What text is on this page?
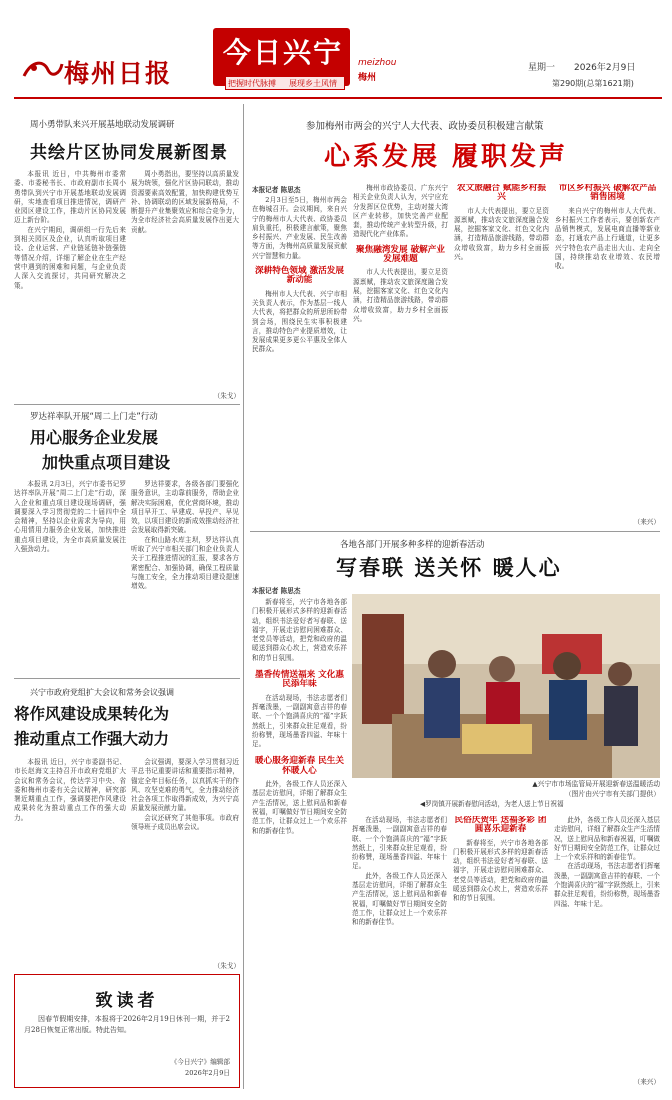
梅州日报
今日兴宁
把握时代脉搏 展现乡土风情
meizhou
梅州
星期一 2026年2月9日
第290期(总第1621期)
周小勇带队来兴开展基地联动发展调研
共绘片区协同发展新图景

本报讯 近日，中共梅州市委常委、市委秘书长、市政府副市长周小勇带队到兴宁市开展基地联动发展调研，实地查看项目推进情况，调研产业园区建设工作，推动片区协同发展迈上新台阶。

在兴宁期间，调研组一行先后来到相关园区及企业，认真听取项目建设、企业运营、产业链延链补链强链等情况介绍，详细了解企业在生产经营中遇到的困难和问题，与企业负责人深入交流探讨，共同研究解决之策。

周小勇指出，要坚持以高质量发展为统领，强化片区协同联动，推动资源要素高效配置，加快构建优势互补、协调联动的区域发展新格局，不断提升产业集聚效应和综合竞争力，为全市经济社会高质量发展作出更大贡献。

（朱戈）
罗达祥率队开展“周二上门走”行动
用心服务企业发展
加快重点项目建设

本报讯 2月3日，兴宁市委书记罗达祥率队开展“周二上门走”行动，深入企业和重点项目建设现场调研，强调要深入学习贯彻党的二十届四中全会精神，坚持以企业需求为导向，用心用情用力服务企业发展，加快推进重点项目建设，为全市高质量发展注入强劲动力。

罗达祥要求，各级各部门要强化服务意识，主动靠前服务，帮助企业解决实际困难，优化营商环境，推动项目早开工、早建成、早投产、早见效，以项目建设的新成效推动经济社会发展取得新突破。

在和山路水库主坝，罗达祥认真听取了兴宁市相关部门和企业负责人关于工程推进情况的汇报，要求各方紧密配合、加强协调，确保工程质量与施工安全，全力推动项目建设提速增效。

兴宁市政府党组扩大会议和常务会议强调
将作风建设成果转化为
推动重点工作强大动力

本报讯 近日，兴宁市委副书记、市长赵海文主持召开市政府党组扩大会议和常务会议，传达学习中央、省委和梅州市委有关会议精神，研究部署近期重点工作，强调要把作风建设成果转化为推动重点工作的强大动力。

会议强调，要深入学习贯彻习近平总书记重要讲话和重要指示精神，锚定全年目标任务，以真抓实干的作风、攻坚克难的勇气，全力推动经济社会各项工作取得新成效，为兴宁高质量发展贡献力量。

会议还研究了其他事项。市政府领导班子成员出席会议。

（朱戈）
致读者

因春节假期安排，本报将于2026年2月19日休刊一期，并于2月28日恢复正常出版。特此告知。

《今日兴宁》编辑部
2026年2月9日
参加梅州市两会的兴宁人大代表、政协委员积极建言献策
心系发展 履职发声
本报记者 陈思杰

2月3日至5日，梅州市两会在梅城召开。会议期间，来自兴宁的梅州市人大代表、政协委员肩负重托，积极建言献策，聚焦乡村振兴、产业发展、民生改善等方面，为梅州高质量发展贡献兴宁智慧和力量。

深耕特色领域 激活发展新动能

梅州市人大代表、兴宁市相关负责人表示，作为基层一线人大代表，将把群众的所思所盼带到会场，围绕民生实事积极建言，推动特色产业提质增效，让发展成果更多更公平惠及全体人民群众。

梅州市政协委员、广东兴宁相关企业负责人认为，兴宁应充分发挥区位优势，主动对接大湾区产业转移，加快完善产业配套，推动传统产业转型升级，打造现代化产业体系。

聚焦融湾发展 破解产业发展难题

市人大代表提出，要立足资源禀赋，推动农文旅深度融合发展，挖掘客家文化、红色文化内涵，打造精品旅游线路，带动群众增收致富，助力乡村全面振兴。

农文旅融合 赋能乡村振兴

市人大代表提出，要立足资源禀赋，推动农文旅深度融合发展，挖掘客家文化、红色文化内涵，打造精品旅游线路，带动群众增收致富，助力乡村全面振兴。

市区乡村振兴 破解农产品销售困境

来自兴宁的梅州市人大代表、乡村振兴工作者表示，要创新农产品销售模式，发展电商直播等新业态，打通农产品上行通道，让更多兴宁特色农产品走出大山、走向全国，持续推动农业增效、农民增收。

（来兴）
各地各部门开展多种多样的迎新春活动
写春联 送关怀 暖人心
本报记者 陈思杰

新春将至，兴宁市各地各部门积极开展形式多样的迎新春活动，组织书法爱好者写春联、送福字，开展走访慰问困难群众、老党员等活动，把党和政府的温暖送到群众心坎上，营造欢乐祥和的节日氛围。

墨香传情送福来 文化惠民添年味

在活动现场，书法志愿者们挥毫泼墨，一副副寓意吉祥的春联、一个个饱满喜庆的“福”字跃然纸上，引来群众驻足观看，纷纷称赞，现场墨香四溢、年味十足。

暖心服务迎新春 民生关怀暖人心

此外，各级工作人员还深入基层走访慰问，详细了解群众生产生活情况，送上慰问品和新春祝福，叮嘱做好节日期间安全防范工作，让群众过上一个欢乐祥和的新春佳节。

▲兴宁市市场监管局开展迎新春送温暖活动
（图片由兴宁市有关部门提供）
◀罗岗镇开展新春慰问活动，为老人送上节日祝福

在活动现场，书法志愿者们挥毫泼墨，一副副寓意吉祥的春联、一个个饱满喜庆的“福”字跃然纸上，引来群众驻足观看，纷纷称赞，现场墨香四溢、年味十足。

此外，各级工作人员还深入基层走访慰问，详细了解群众生产生活情况，送上慰问品和新春祝福，叮嘱做好节日期间安全防范工作，让群众过上一个欢乐祥和的新春佳节。

民俗庆贺年 送福多彩 团圆喜乐迎新春

新春将至，兴宁市各地各部门积极开展形式多样的迎新春活动，组织书法爱好者写春联、送福字，开展走访慰问困难群众、老党员等活动，把党和政府的温暖送到群众心坎上，营造欢乐祥和的节日氛围。

此外，各级工作人员还深入基层走访慰问，详细了解群众生产生活情况，送上慰问品和新春祝福，叮嘱做好节日期间安全防范工作，让群众过上一个欢乐祥和的新春佳节。

在活动现场，书法志愿者们挥毫泼墨，一副副寓意吉祥的春联、一个个饱满喜庆的“福”字跃然纸上，引来群众驻足观看，纷纷称赞，现场墨香四溢、年味十足。

（来兴）
